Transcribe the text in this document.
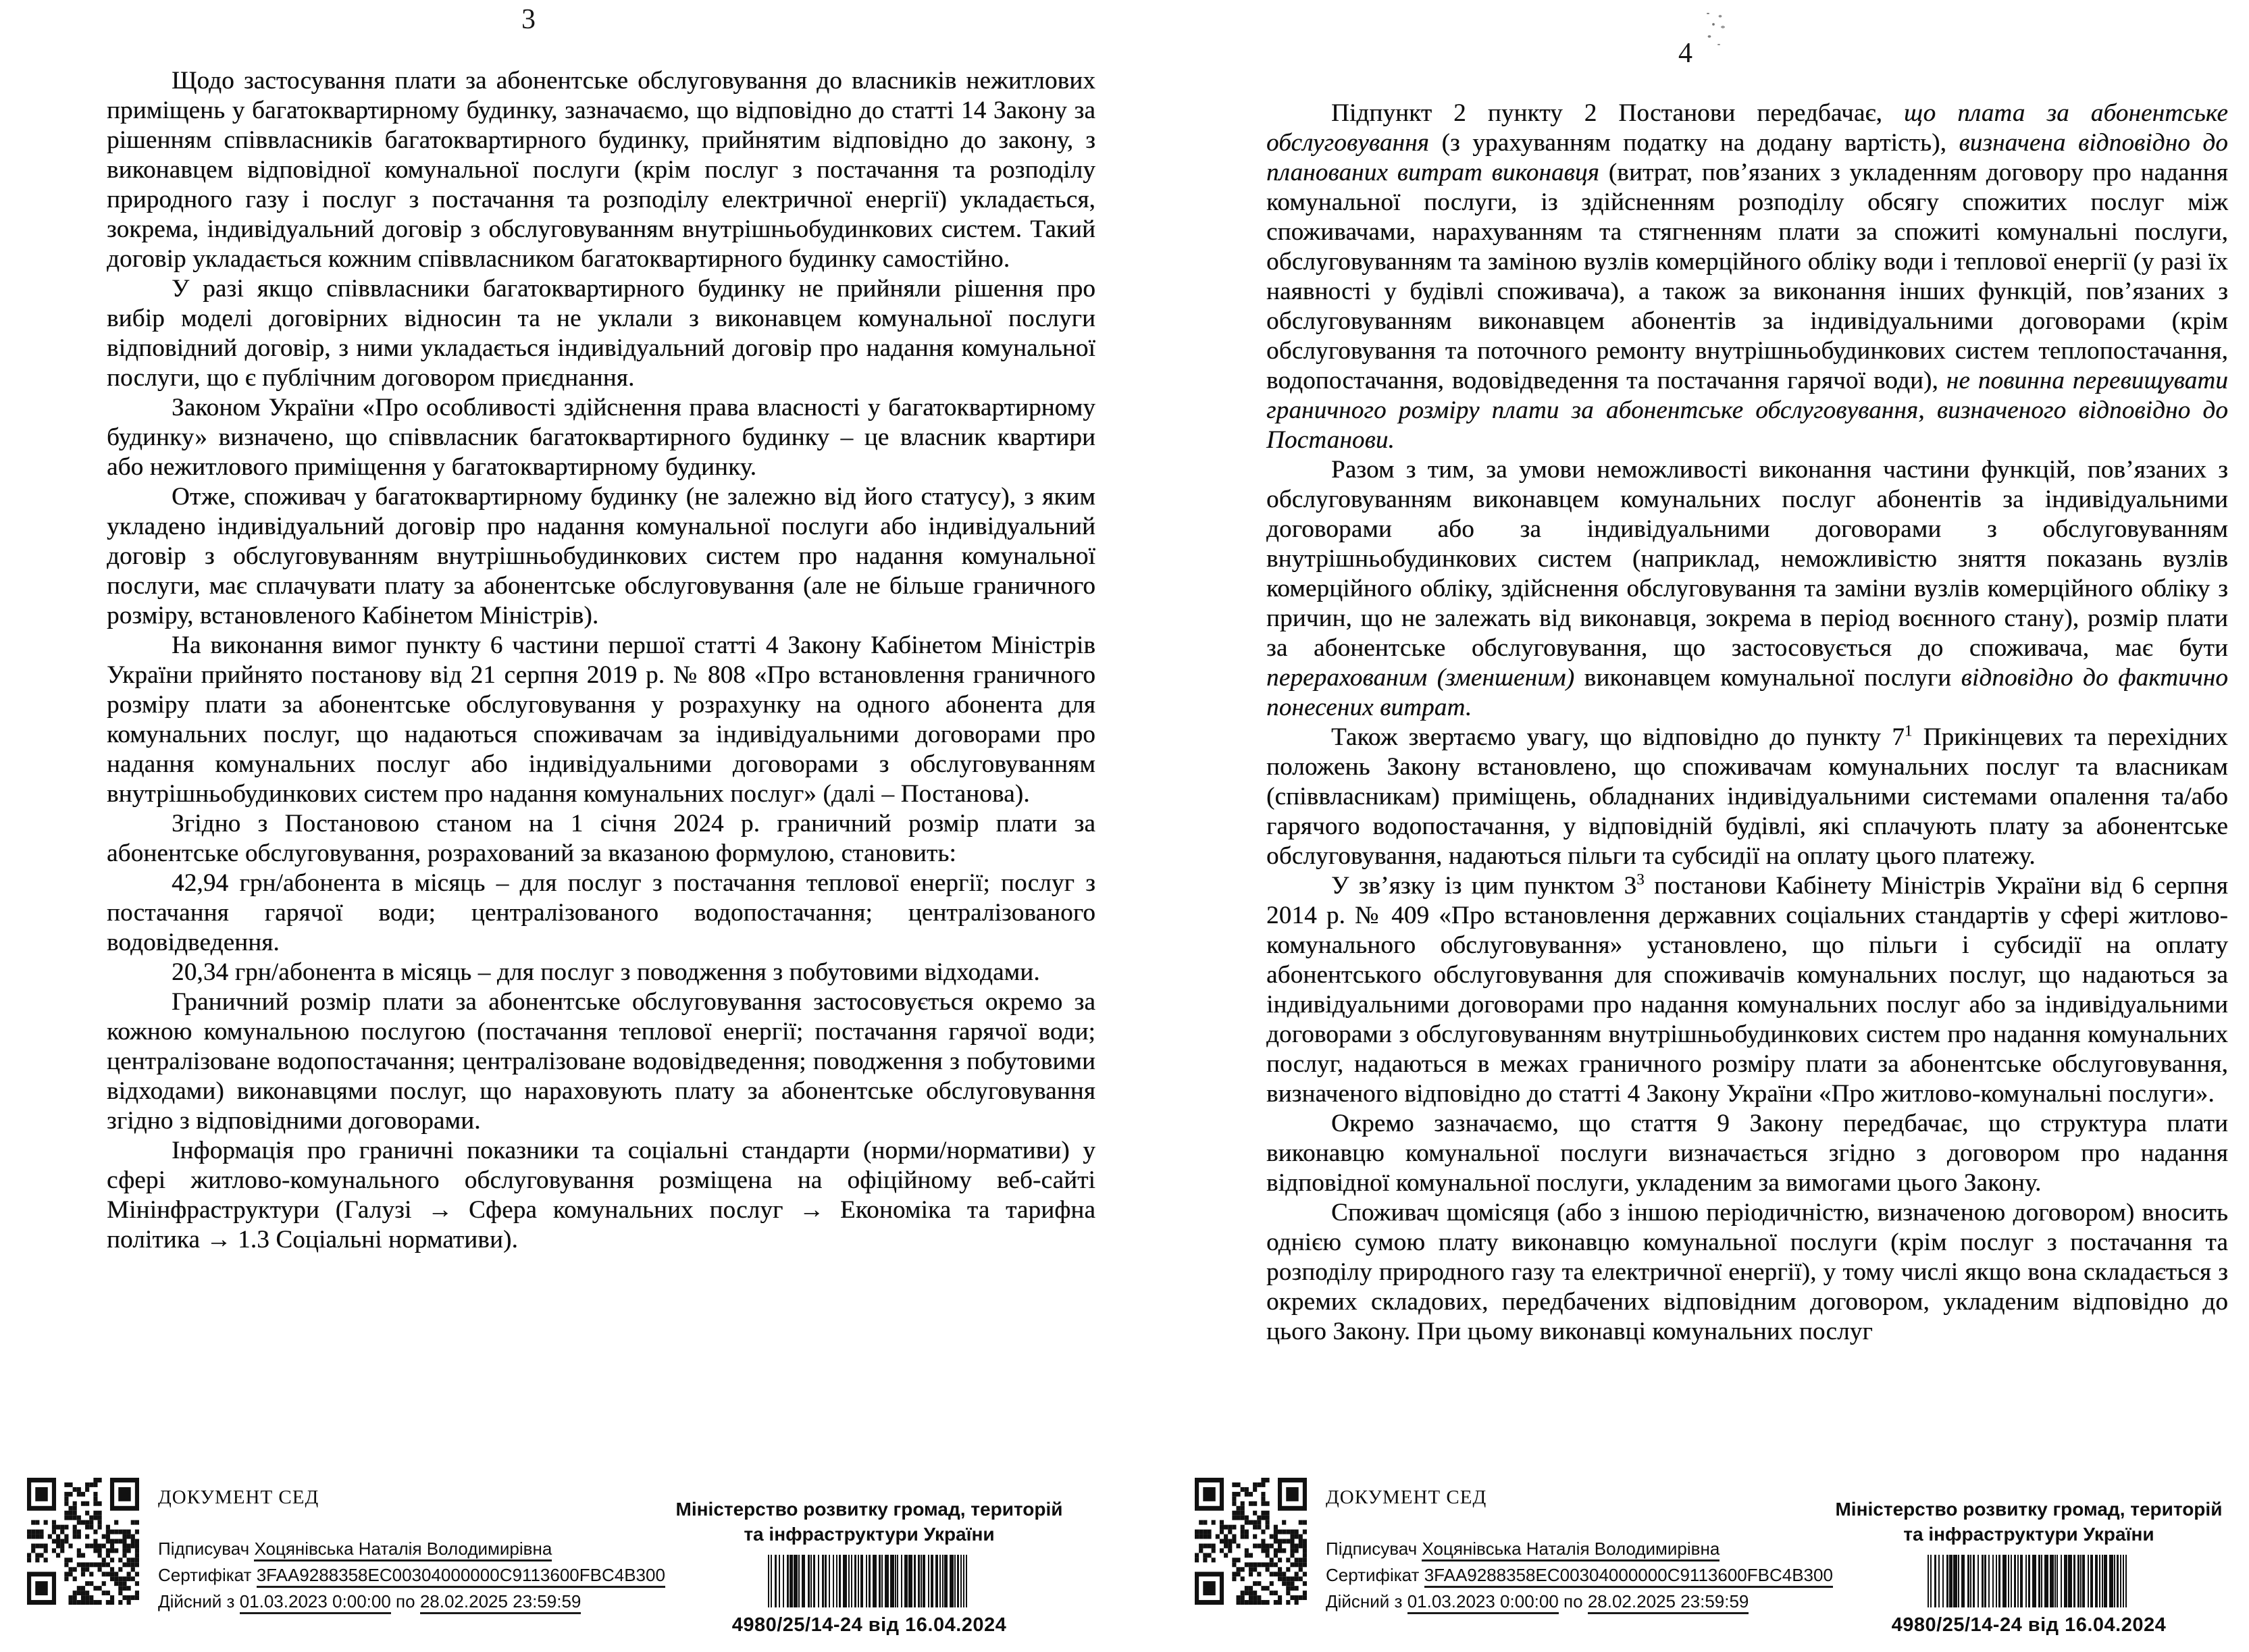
3

Щодо застосування плати за абонентське обслуговування до власників нежитлових приміщень у багатоквартирному будинку, зазначаємо, що відповідно до статті 14 Закону за рішенням співвласників багатоквартирного будинку, прийнятим відповідно до закону, з виконавцем відповідної комунальної послуги (крім послуг з постачання та розподілу природного газу і послуг з постачання та розподілу електричної енергії) укладається, зокрема, індивідуальний договір з обслуговуванням внутрішньобудинкових систем. Такий договір укладається кожним співвласником багатоквартирного будинку самостійно.

У разі якщо співвласники багатоквартирного будинку не прийняли рішення про вибір моделі договірних відносин та не уклали з виконавцем комунальної послуги відповідний договір, з ними укладається індивідуальний договір про надання комунальної послуги, що є публічним договором приєднання.

Законом України «Про особливості здійснення права власності у багатоквартирному будинку» визначено, що співвласник багатоквартирного будинку – це власник квартири або нежитлового приміщення у багатоквартирному будинку.

Отже, споживач у багатоквартирному будинку (не залежно від його статусу), з яким укладено індивідуальний договір про надання комунальної послуги або індивідуальний договір з обслуговуванням внутрішньобудинкових систем про надання комунальної послуги, має сплачувати плату за абонентське обслуговування (але не більше граничного розміру, встановленого Кабінетом Міністрів).

На виконання вимог пункту 6 частини першої статті 4 Закону Кабінетом Міністрів України прийнято постанову від 21 серпня 2019 р. № 808 «Про встановлення граничного розміру плати за абонентське обслуговування у розрахунку на одного абонента для комунальних послуг, що надаються споживачам за індивідуальними договорами про надання комунальних послуг або індивідуальними договорами з обслуговуванням внутрішньобудинкових систем про надання комунальних послуг» (далі – Постанова).

Згідно з Постановою станом на 1 січня 2024 р. граничний розмір плати за абонентське обслуговування, розрахований за вказаною формулою, становить:

42,94 грн/абонента в місяць – для послуг з постачання теплової енергії; послуг з постачання гарячої води; централізованого водопостачання; централізованого водовідведення.

20,34 грн/абонента в місяць – для послуг з поводження з побутовими відходами.

Граничний розмір плати за абонентське обслуговування застосовується окремо за кожною комунальною послугою (постачання теплової енергії; постачання гарячої води; централізоване водопостачання; централізоване водовідведення; поводження з побутовими відходами) виконавцями послуг, що нараховують плату за абонентське обслуговування згідно з відповідними договорами.

Інформація про граничні показники та соціальні стандарти (норми/нормативи) у сфері житлово-комунального обслуговування розміщена на офіційному веб-сайті Мінінфраструктури (Галузі → Сфера комунальних послуг → Економіка та тарифна політика → 1.3 Соціальні нормативи).

ДОКУМЕНТ СЕД
Підписувач Хоцянівська Наталія Володимирівна
Сертифікат 3FAA9288358EC00304000000C9113600FBC4B300
Дійсний з 01.03.2023 0:00:00 по 28.02.2025 23:59:59
Міністерство розвитку громад, територій
та інфраструктури України
4980/25/14-24 від 16.04.2024
4

Підпункт 2 пункту 2 Постанови передбачає, що плата за абонентське обслуговування (з урахуванням податку на додану вартість), визначена відповідно до планованих витрат виконавця (витрат, пов’язаних з укладенням договору про надання комунальної послуги, із здійсненням розподілу обсягу спожитих послуг між споживачами, нарахуванням та стягненням плати за спожиті комунальні послуги, обслуговуванням та заміною вузлів комерційного обліку води і теплової енергії (у разі їх наявності у будівлі споживача), а також за виконання інших функцій, пов’язаних з обслуговуванням виконавцем абонентів за індивідуальними договорами (крім обслуговування та поточного ремонту внутрішньобудинкових систем теплопостачання, водопостачання, водовідведення та постачання гарячої води), не повинна перевищувати граничного розміру плати за абонентське обслуговування, визначеного відповідно до Постанови.

Разом з тим, за умови неможливості виконання частини функцій, пов’язаних з обслуговуванням виконавцем комунальних послуг абонентів за індивідуальними договорами або за індивідуальними договорами з обслуговуванням внутрішньобудинкових систем (наприклад, неможливістю зняття показань вузлів комерційного обліку, здійснення обслуговування та заміни вузлів комерційного обліку з причин, що не залежать від виконавця, зокрема в період воєнного стану), розмір плати за абонентське обслуговування, що застосовується до споживача, має бути перерахованим (зменшеним) виконавцем комунальної послуги відповідно до фактично понесених витрат.

Також звертаємо увагу, що відповідно до пункту $7^1$ Прикінцевих та перехідних положень Закону встановлено, що споживачам комунальних послуг та власникам (співвласникам) приміщень, обладнаних індивідуальними системами опалення та/або гарячого водопостачання, у відповідній будівлі, які сплачують плату за абонентське обслуговування, надаються пільги та субсидії на оплату цього платежу.

У зв’язку із цим пунктом $3^3$ постанови Кабінету Міністрів України від 6 серпня 2014 р. № 409 «Про встановлення державних соціальних стандартів у сфері житлово-комунального обслуговування» установлено, що пільги і субсидії на оплату абонентського обслуговування для споживачів комунальних послуг, що надаються за індивідуальними договорами про надання комунальних послуг або за індивідуальними договорами з обслуговуванням внутрішньобудинкових систем про надання комунальних послуг, надаються в межах граничного розміру плати за абонентське обслуговування, визначеного відповідно до статті 4 Закону України «Про житлово-комунальні послуги».

Окремо зазначаємо, що стаття 9 Закону передбачає, що структура плати виконавцю комунальної послуги визначається згідно з договором про надання відповідної комунальної послуги, укладеним за вимогами цього Закону.

Споживач щомісяця (або з іншою періодичністю, визначеною договором) вносить однією сумою плату виконавцю комунальної послуги (крім послуг з постачання та розподілу природного газу та електричної енергії), у тому числі якщо вона складається з окремих складових, передбачених відповідним договором, укладеним відповідно до цього Закону. При цьому виконавці комунальних послуг

ДОКУМЕНТ СЕД
Підписувач Хоцянівська Наталія Володимирівна
Сертифікат 3FAA9288358EC00304000000C9113600FBC4B300
Дійсний з 01.03.2023 0:00:00 по 28.02.2025 23:59:59
Міністерство розвитку громад, територій
та інфраструктури України
4980/25/14-24 від 16.04.2024
